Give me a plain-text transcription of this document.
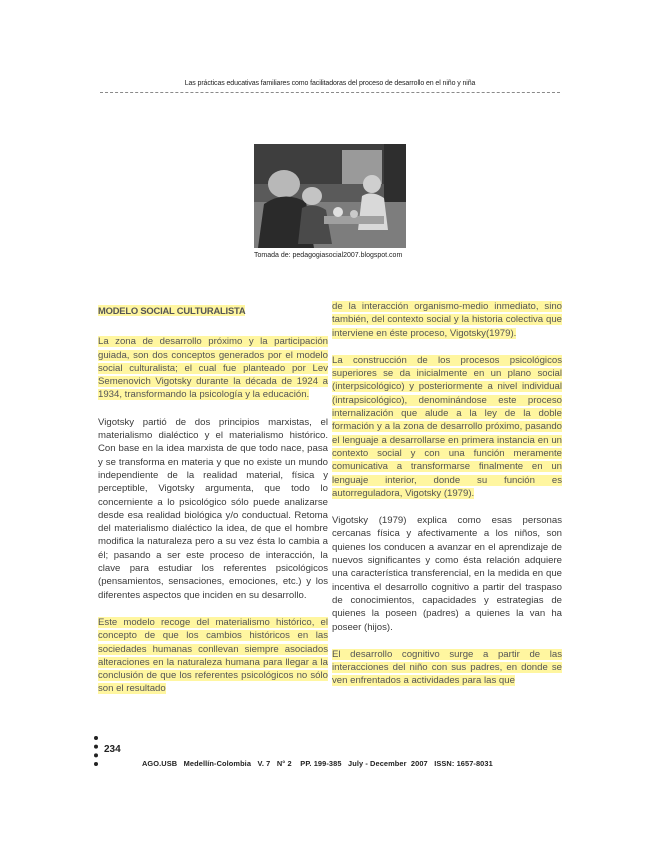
Las prácticas educativas familiares como facilitadoras del proceso de desarrollo en el niño y niña
Tomada de: pedagogiasocial2007.blogspot.com
MODELO SOCIAL CULTURALISTA

La zona de desarrollo próximo y la participación guiada, son dos conceptos generados por el modelo social culturalista; el cual fue planteado por Lev Semenovich Vigotsky durante la década de 1924 a 1934, transformando la psicología y la educación.

Vigotsky partió de dos principios marxistas, el materialismo dialéctico y el materialismo histórico. Con base en la idea marxista de que todo nace, pasa y se transforma en materia y que no existe un mundo independiente de la realidad material, física y perceptible, Vigotsky argumenta, que todo lo concerniente a lo psicológico sólo puede analizarse desde esa realidad biológica y/o conductual. Retoma del materialismo dialéctico la idea, de que el hombre modifica la naturaleza pero a su vez ésta lo cambia a él; pasando a ser este proceso de interacción, la clave para estudiar los referentes psicológicos (pensamientos, sensaciones, emociones, etc.) y los diferentes aspectos que inciden en su desarrollo.

Este modelo recoge del materialismo histórico, el concepto de que los cambios históricos en las sociedades humanas conllevan siempre asociados alteraciones en la naturaleza humana para llegar a la conclusión de que los referentes psicológicos no sólo son el resultado

de la interacción organismo-medio inmediato, sino también, del contexto social y la historia colectiva que interviene en éste proceso, Vigotsky(1979).

La construcción de los procesos psicológicos superiores se da inicialmente en un plano social (interpsicológico) y posteriormente a nivel individual (intrapsicológico), denominándose este proceso internalización que alude a la ley de la doble formación y a la zona de desarrollo próximo, pasando el lenguaje a desarrollarse en primera instancia en un contexto social y con una función meramente comunicativa a transformarse finalmente en un lenguaje interior, donde su función es autorreguladora, Vigotsky (1979).

Vigotsky (1979) explica como esas personas cercanas física y afectivamente a los niños, son quienes los conducen a avanzar en el aprendizaje de nuevos significantes y como ésta relación adquiere una característica transferencial, en la medida en que incentiva el desarrollo cognitivo a partir del traspaso de conocimientos, capacidades y estrategias de quienes la poseen (padres) a quienes la van ha poseer (hijos).

El desarrollo cognitivo surge a partir de las interacciones del niño con sus padres, en donde se ven enfrentados a actividades para las que

234
AGO.USB   Medellín-Colombia   V. 7   N° 2    PP. 199-385   July - December  2007   ISSN: 1657-8031
